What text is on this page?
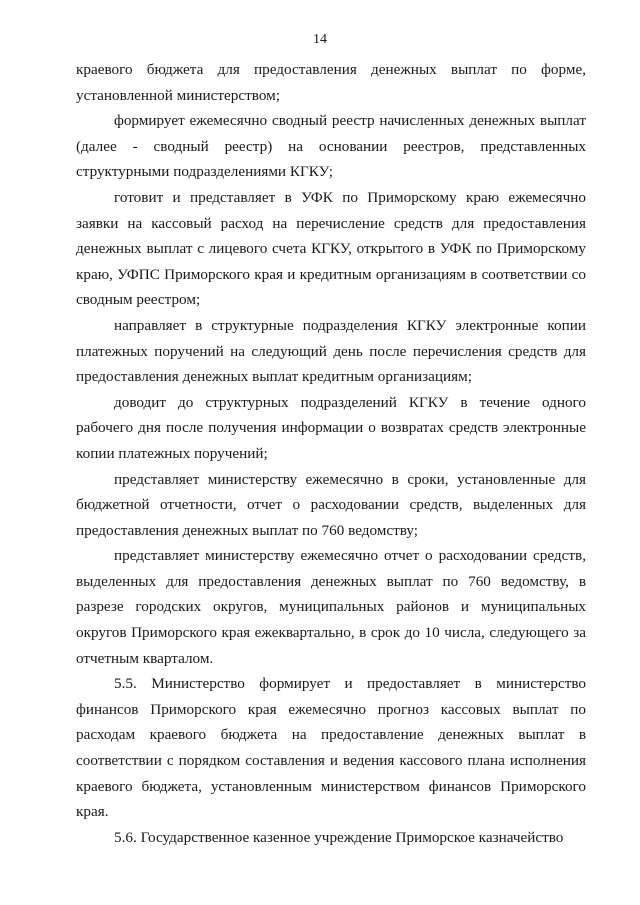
14

краевого бюджета для предоставления денежных выплат по форме, установленной министерством;

формирует ежемесячно сводный реестр начисленных денежных выплат (далее - сводный реестр) на основании реестров, представленных структурными подразделениями КГКУ;

готовит и представляет в УФК по Приморскому краю ежемесячно заявки на кассовый расход на перечисление средств для предоставления денежных выплат с лицевого счета КГКУ, открытого в УФК по Приморскому краю, УФПС Приморского края и кредитным организациям в соответствии со сводным реестром;

направляет в структурные подразделения КГКУ электронные копии платежных поручений на следующий день после перечисления средств для предоставления денежных выплат кредитным организациям;

доводит до структурных подразделений КГКУ в течение одного рабочего дня после получения информации о возвратах средств электронные копии платежных поручений;

представляет министерству ежемесячно в сроки, установленные для бюджетной отчетности, отчет о расходовании средств, выделенных для предоставления денежных выплат по 760 ведомству;

представляет министерству ежемесячно отчет о расходовании средств, выделенных для предоставления денежных выплат по 760 ведомству, в разрезе городских округов, муниципальных районов и муниципальных округов Приморского края ежеквартально, в срок до 10 числа, следующего за отчетным кварталом.

5.5. Министерство формирует и предоставляет в министерство финансов Приморского края ежемесячно прогноз кассовых выплат по расходам краевого бюджета на предоставление денежных выплат в соответствии с порядком составления и ведения кассового плана исполнения краевого бюджета, установленным министерством финансов Приморского края.

5.6. Государственное казенное учреждение Приморское казначейство
